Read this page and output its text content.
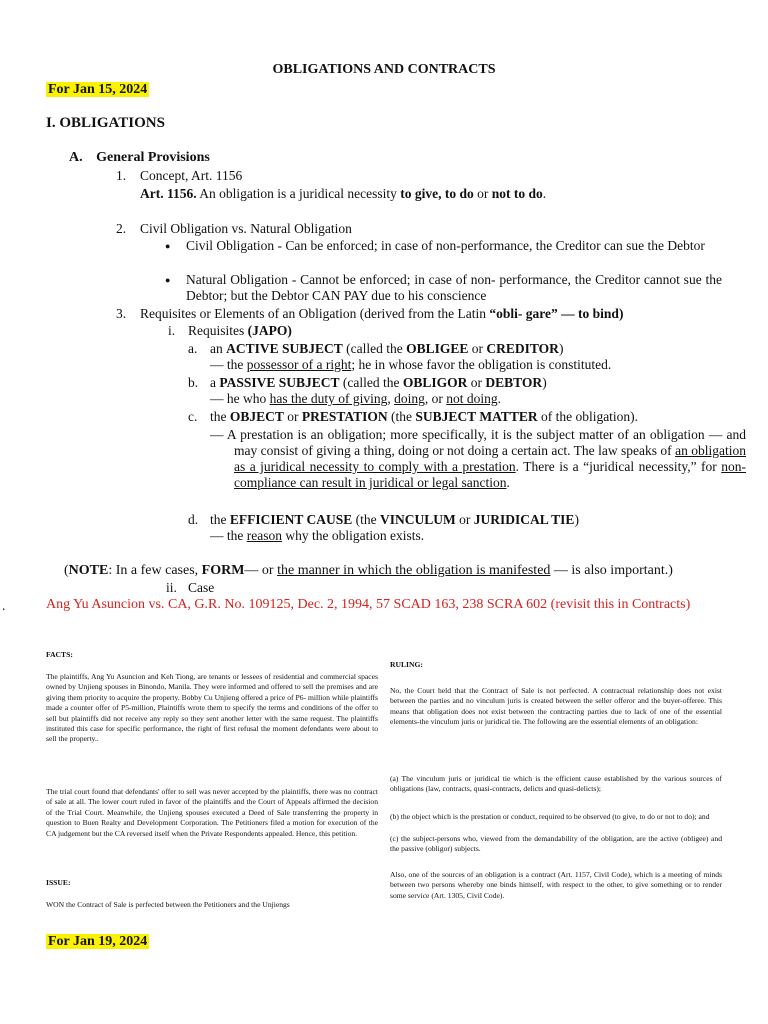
OBLIGATIONS AND CONTRACTS
For Jan 15, 2024
I. OBLIGATIONS
A. General Provisions
1. Concept, Art. 1156
Art. 1156. An obligation is a juridical necessity to give, to do or not to do.
2. Civil Obligation vs. Natural Obligation
● Civil Obligation - Can be enforced; in case of non-performance, the Creditor can sue the Debtor
● Natural Obligation - Cannot be enforced; in case of non- performance, the Creditor cannot sue the Debtor; but the Debtor CAN PAY due to his conscience
3. Requisites or Elements of an Obligation (derived from the Latin “obli- gare” — to bind)
i. Requisites (JAPO)
a. an ACTIVE SUBJECT (called the OBLIGEE or CREDITOR)
— the possessor of a right; he in whose favor the obligation is constituted.
b. a PASSIVE SUBJECT (called the OBLIGOR or DEBTOR)
— he who has the duty of giving, doing, or not doing.
c. the OBJECT or PRESTATION (the SUBJECT MATTER of the obligation).
— A prestation is an obligation; more specifically, it is the subject matter of an obligation — and may consist of giving a thing, doing or not doing a certain act. The law speaks of an obligation as a juridical necessity to comply with a prestation. There is a “juridical necessity,” for non-compliance can result in juridical or legal sanction.
d. the EFFICIENT CAUSE (the VINCULUM or JURIDICAL TIE)
— the reason why the obligation exists.
(NOTE: In a few cases, FORM— or the manner in which the obligation is manifested — is also important.)
ii. Case
.	Ang Yu Asuncion vs. CA, G.R. No. 109125, Dec. 2, 1994, 57 SCAD 163, 238 SCRA 602 (revisit this in Contracts)
FACTS:
The plaintiffs, Ang Yu Asuncion and Keh Tiong, are tenants or lessees of residential and commercial spaces owned by Unjieng spouses in Binondo, Manila. They were informed and offered to sell the premises and are giving them priority to acquire the property. Bobby Cu Unjieng offered a price of P6- million while plaintiffs made a counter offer of P5-million, Plaintiffs wrote them to specify the terms and conditions of the offer to sell but plaintiffs did not receive any reply so they sent another letter with the same request. The plaintiffs instituted this case for specific performance, the right of first refusal the moment defendants were about to sell the property..
The trial court found that defendants' offer to sell was never accepted by the plaintiffs, there was no contract of sale at all. The lower court ruled in favor of the plaintiffs and the Court of Appeals affirmed the decision of the Trial Court. Meanwhile, the Unjieng spouses executed a Deed of Sale transferring the property in question to Buen Realty and Development Corporation. The Petitioners filed a motion for execution of the CA judgement but the CA reversed itself when the Private Respondents appealed. Hence, this petition.
ISSUE:
WON the Contract of Sale is perfected between the Petitioners and the Unjiengs
RULING:
No, the Court held that the Contract of Sale is not perfected. A contractual relationship does not exist between the parties and no vinculum juris is created between the seller offeror and the buyer-offeree. This means that obligation does not exist between the contracting parties due to lack of one of the essential elements-the vinculum juris or juridical tie. The following are the essential elements of an obligation:
(a) The vinculum juris or juridical tie which is the efficient cause established by the various sources of obligations (law, contracts, quasi-contracts, delicts and quasi-delicts);
(b) the object which is the prestation or conduct, required to be observed (to give, to do or not to do); and
(c) the subject-persons who, viewed from the demandability of the obligation, are the active (obligee) and the passive (obligor) subjects.
Also, one of the sources of an obligation is a contract (Art. 1157, Civil Code), which is a meeting of minds between two persons whereby one binds himself, with respect to the other, to give something or to render some service (Art. 1305, Civil Code).
For Jan 19, 2024
